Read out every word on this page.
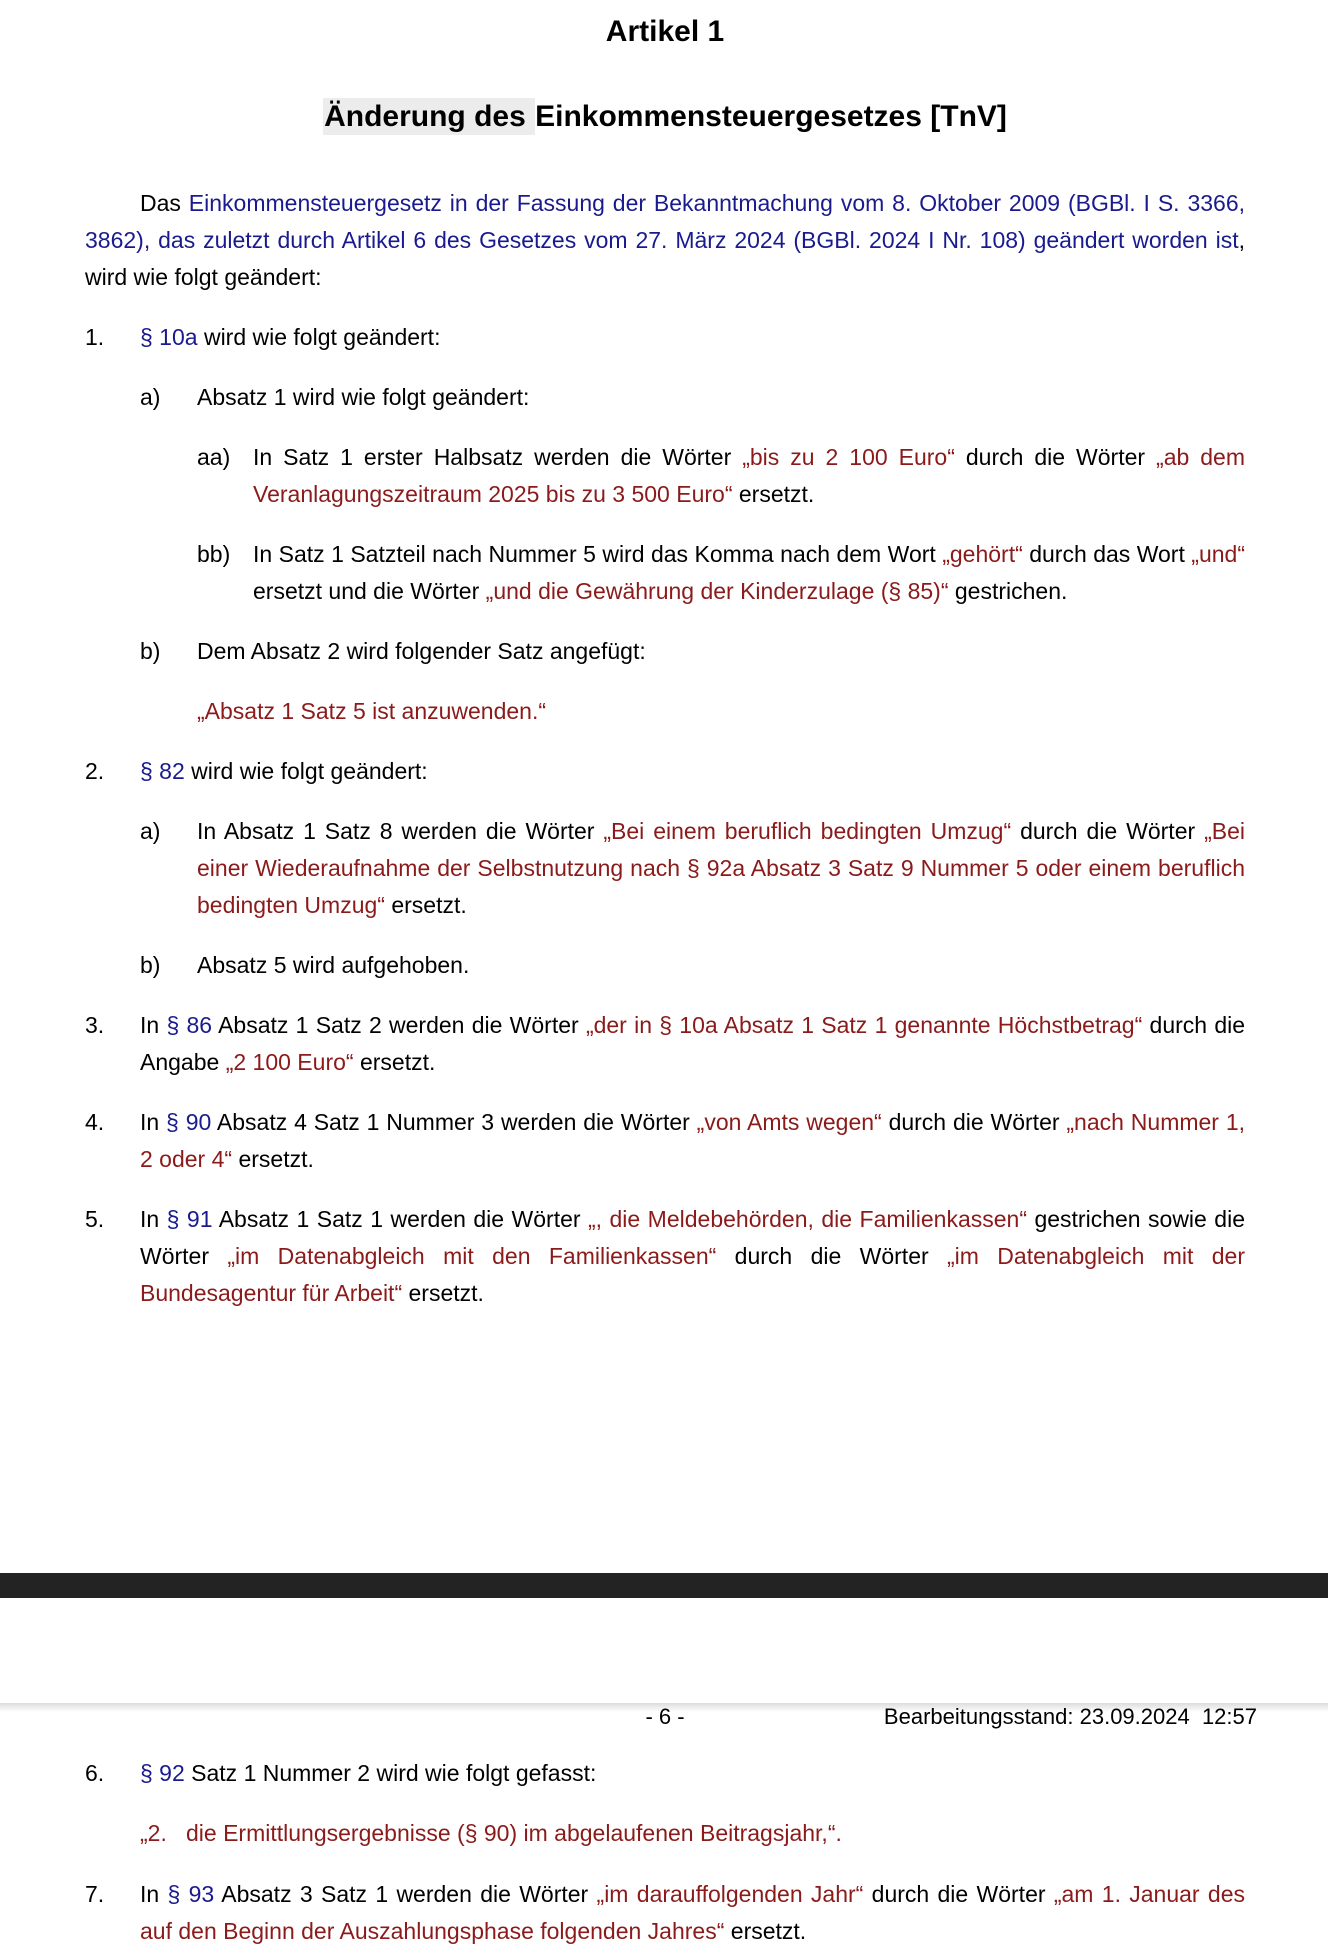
Artikel 1
Änderung des Einkommensteuergesetzes [TnV]

Das Einkommensteuergesetz in der Fassung der Bekanntmachung vom 8. Oktober 2009 (BGBl. I S. 3366, 3862), das zuletzt durch Artikel 6 des Gesetzes vom 27. März 2024 (BGBl. 2024 I Nr. 108) geändert worden ist, wird wie folgt geändert:

1.	§ 10a wird wie folgt geändert:

a)	Absatz 1 wird wie folgt geändert:

aa) In Satz 1 erster Halbsatz werden die Wörter „bis zu 2 100 Euro“ durch die Wörter „ab dem Veranlagungszeitraum 2025 bis zu 3 500 Euro“ ersetzt.

bb) In Satz 1 Satzteil nach Nummer 5 wird das Komma nach dem Wort „gehört“ durch das Wort „und“ ersetzt und die Wörter „und die Gewährung der Kinderzulage (§ 85)“ gestrichen.

b)	Dem Absatz 2 wird folgender Satz angefügt:

„Absatz 1 Satz 5 ist anzuwenden.“

2.	§ 82 wird wie folgt geändert:

a)	In Absatz 1 Satz 8 werden die Wörter „Bei einem beruflich bedingten Umzug“ durch die Wörter „Bei einer Wiederaufnahme der Selbstnutzung nach § 92a Absatz 3 Satz 9 Nummer 5 oder einem beruflich bedingten Umzug“ ersetzt.

b)	Absatz 5 wird aufgehoben.

3.	In § 86 Absatz 1 Satz 2 werden die Wörter „der in § 10a Absatz 1 Satz 1 genannte Höchstbetrag“ durch die Angabe „2 100 Euro“ ersetzt.

4.	In § 90 Absatz 4 Satz 1 Nummer 3 werden die Wörter „von Amts wegen“ durch die Wörter „nach Nummer 1, 2 oder 4“ ersetzt.

5.	In § 91 Absatz 1 Satz 1 werden die Wörter „, die Meldebehörden, die Familienkassen“ gestrichen sowie die Wörter „im Datenabgleich mit den Familienkassen“ durch die Wörter „im Datenabgleich mit der Bundesagentur für Arbeit“ ersetzt.

- 6 -	Bearbeitungsstand: 23.09.2024  12:57
6.	§ 92 Satz 1 Nummer 2 wird wie folgt gefasst:

„2.   die Ermittlungsergebnisse (§ 90) im abgelaufenen Beitragsjahr,“.

7.	In § 93 Absatz 3 Satz 1 werden die Wörter „im darauffolgenden Jahr“ durch die Wörter „am 1. Januar des auf den Beginn der Auszahlungsphase folgenden Jahres“ ersetzt.
